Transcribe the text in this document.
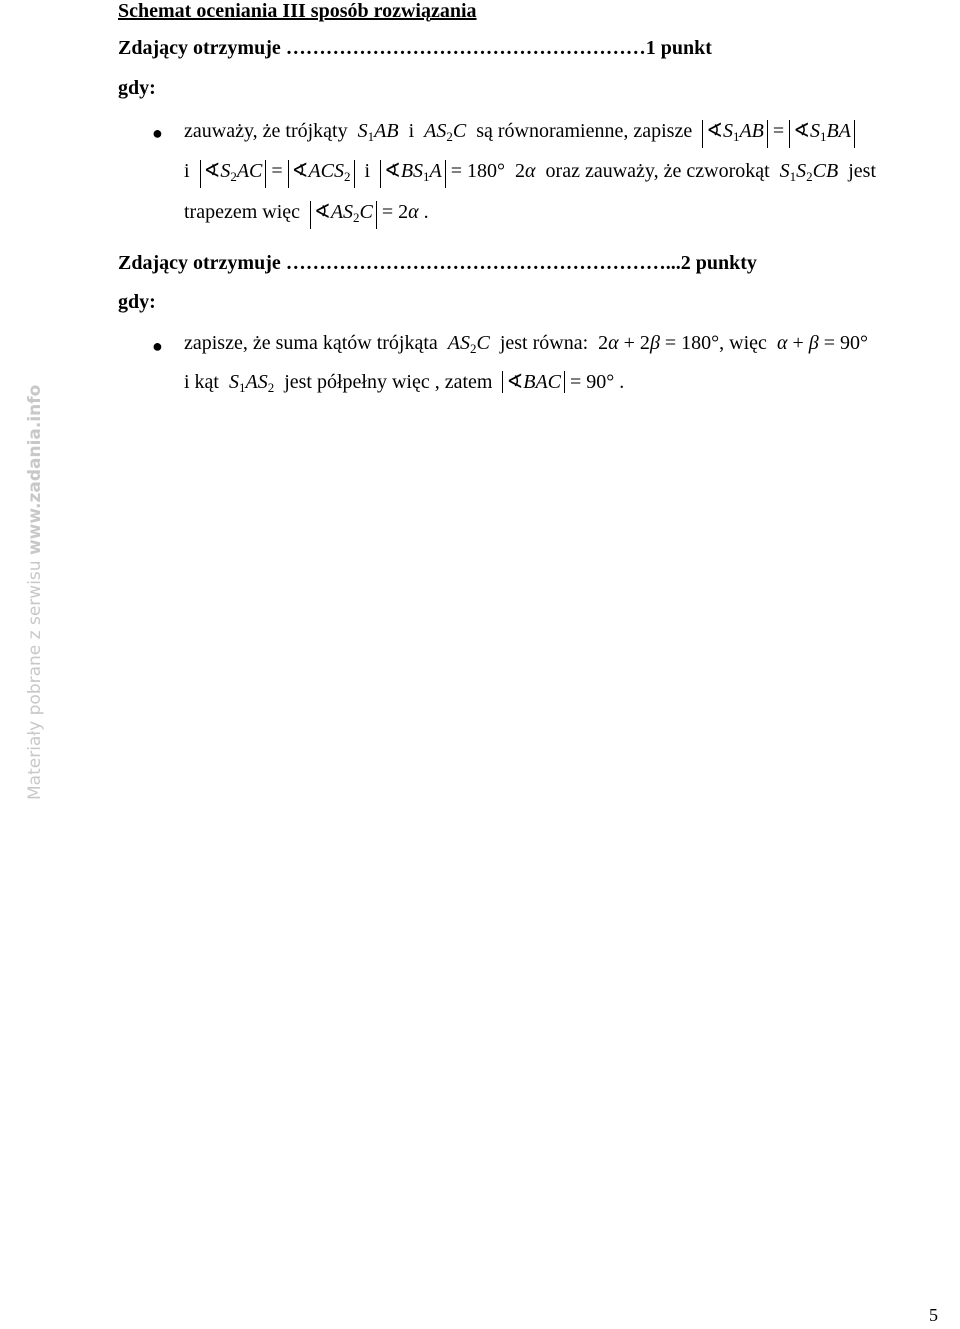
Schemat oceniania III sposób rozwiązania
Zdający otrzymuje ………………………………………………1 punkt
gdy:
● zauważy, że trójkąty  $S_1AB$  i  $AS_2C$  są równoramienne, zapisze  $∢S_1AB$ = $∢S_1BA$
i  $∢S_2AC$ = $∢ACS_2$  i  $∢BS_1A = 180^\circ$  2α  oraz zauważy, że czworokąt  $S_1S_2CB$  jest
trapezem więc  $∢AS_2C = 2\alpha$ .
Zdający otrzymuje …………………………………………………...2 punkty
gdy:
● zapisze, że suma kątów trójkąta  $AS_2C$  jest równa:  2α + 2β = 180°, więc  α + β = 90°
i kąt  $S_1AS_2$  jest półpełny więc , zatem  ∢BAC = 90° .
Materiały pobrane z serwisu www.zadania.info
5
